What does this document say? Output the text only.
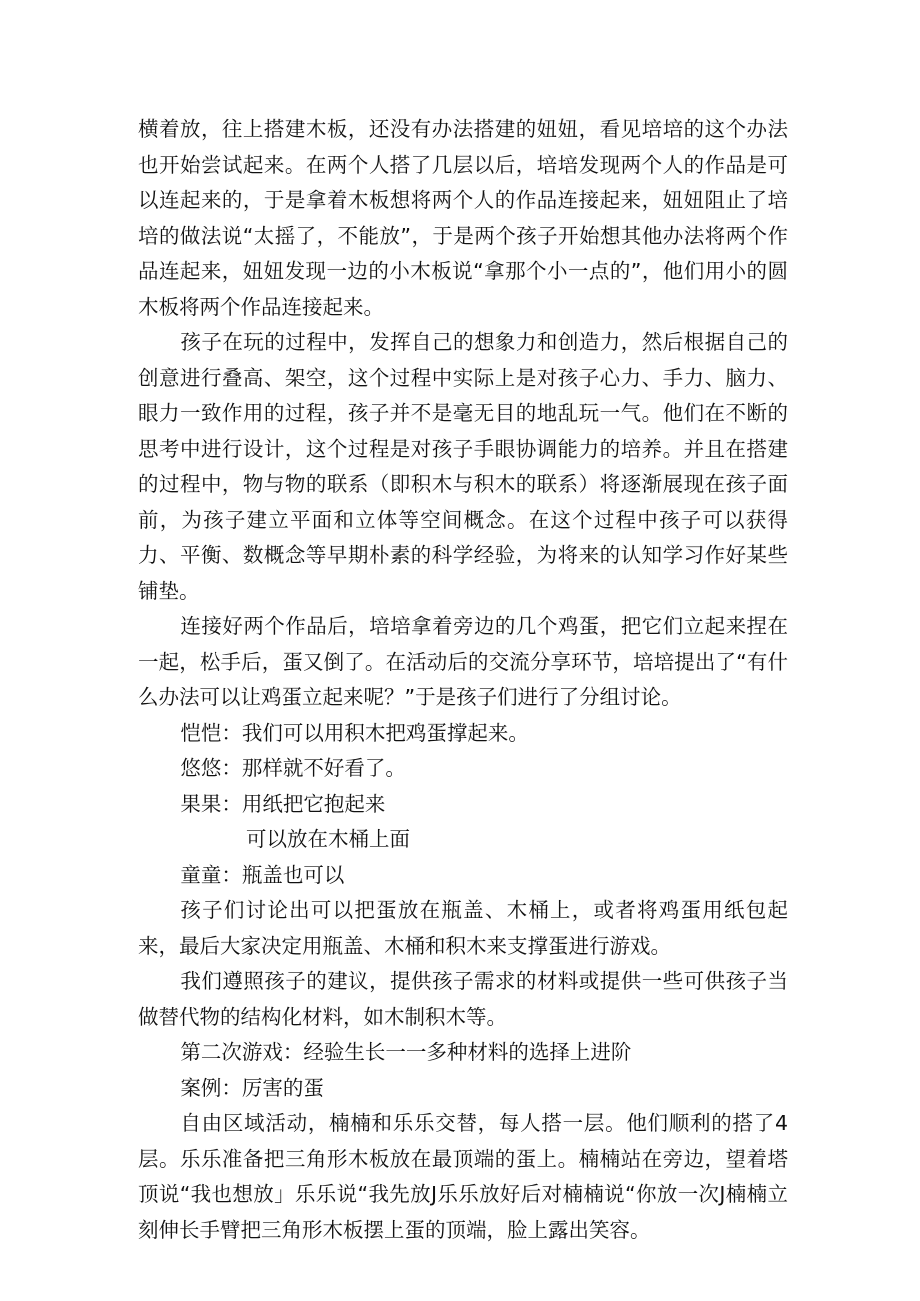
横着放，往上搭建木板，还没有办法搭建的妞妞，看见培培的这个办法也开始尝试起来。在两个人搭了几层以后，培培发现两个人的作品是可以连起来的，于是拿着木板想将两个人的作品连接起来，妞妞阻止了培培的做法说“太摇了，不能放”，于是两个孩子开始想其他办法将两个作品连起来，妞妞发现一边的小木板说“拿那个小一点的”，他们用小的圆木板将两个作品连接起来。

孩子在玩的过程中，发挥自己的想象力和创造力，然后根据自己的创意进行叠高、架空，这个过程中实际上是对孩子心力、手力、脑力、眼力一致作用的过程，孩子并不是毫无目的地乱玩一气。他们在不断的思考中进行设计，这个过程是对孩子手眼协调能力的培养。并且在搭建的过程中，物与物的联系（即积木与积木的联系）将逐渐展现在孩子面前，为孩子建立平面和立体等空间概念。在这个过程中孩子可以获得力、平衡、数概念等早期朴素的科学经验，为将来的认知学习作好某些铺垫。

连接好两个作品后，培培拿着旁边的几个鸡蛋，把它们立起来捏在一起，松手后，蛋又倒了。在活动后的交流分享环节，培培提出了“有什么办法可以让鸡蛋立起来呢？”于是孩子们进行了分组讨论。

恺恺：我们可以用积木把鸡蛋撑起来。

悠悠：那样就不好看了。

果果：用纸把它抱起来

可以放在木桶上面

童童：瓶盖也可以

孩子们讨论出可以把蛋放在瓶盖、木桶上，或者将鸡蛋用纸包起来，最后大家决定用瓶盖、木桶和积木来支撑蛋进行游戏。

我们遵照孩子的建议，提供孩子需求的材料或提供一些可供孩子当做替代物的结构化材料，如木制积木等。

第二次游戏：经验生长一一多种材料的选择上进阶

案例：厉害的蛋

自由区域活动，楠楠和乐乐交替，每人搭一层。他们顺利的搭了4层。乐乐准备把三角形木板放在最顶端的蛋上。楠楠站在旁边，望着塔顶说“我也想放」乐乐说“我先放J乐乐放好后对楠楠说“你放一次J楠楠立刻伸长手臂把三角形木板摆上蛋的顶端，脸上露出笑容。
